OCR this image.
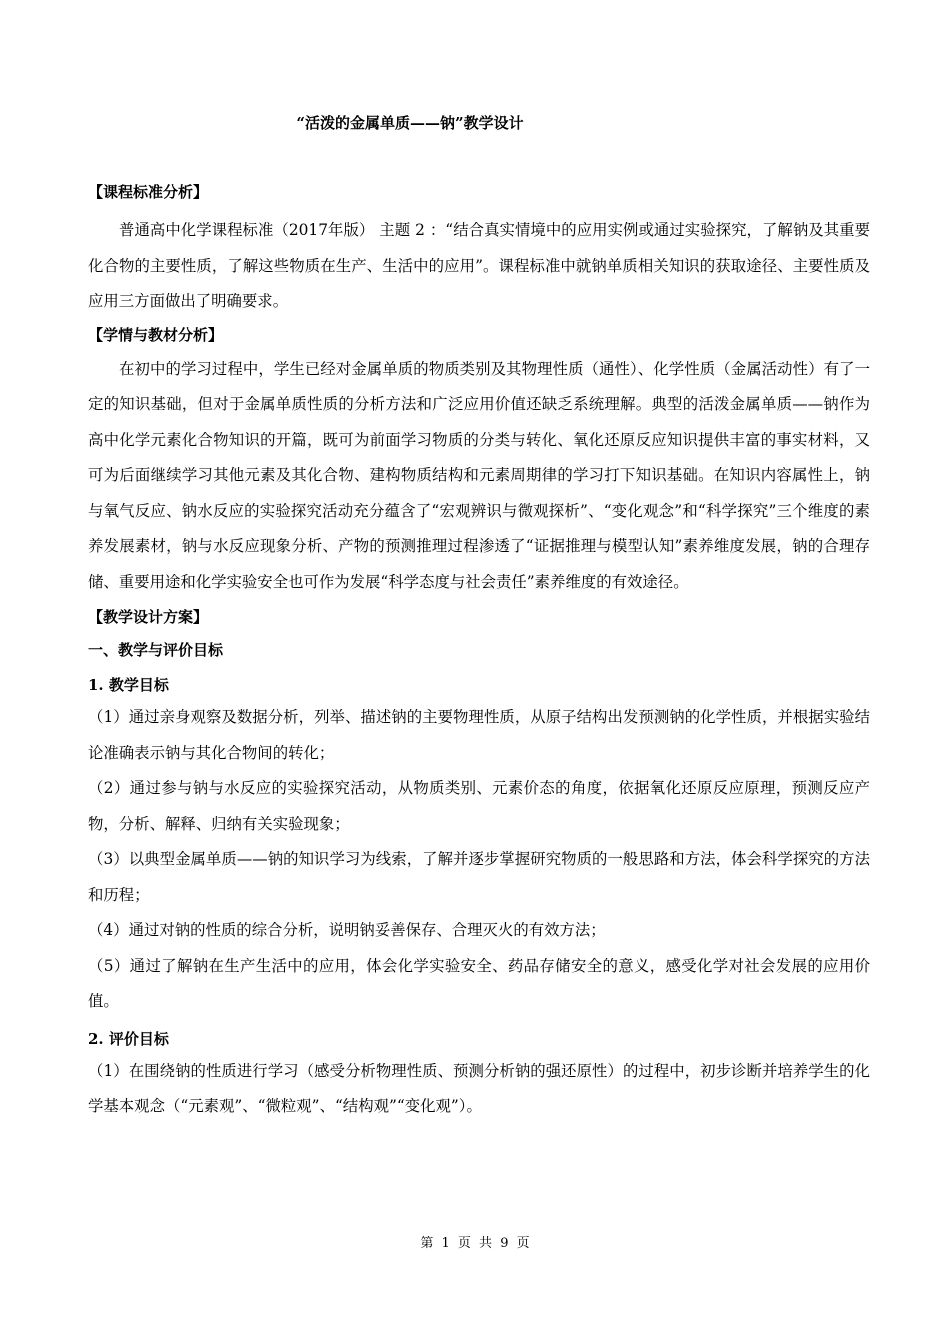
“活泼的金属单质——钠”教学设计

【课程标准分析】

普通高中化学课程标准（2017年版） 主题 2 ：“结合真实情境中的应用实例或通过实验探究，了解钠及其重要化合物的主要性质，了解这些物质在生产、生活中的应用”。课程标准中就钠单质相关知识的获取途径、主要性质及应用三方面做出了明确要求。

【学情与教材分析】

在初中的学习过程中，学生已经对金属单质的物质类别及其物理性质（通性）、化学性质（金属活动性）有了一定的知识基础，但对于金属单质性质的分析方法和广泛应用价值还缺乏系统理解。典型的活泼金属单质——钠作为高中化学元素化合物知识的开篇，既可为前面学习物质的分类与转化、氧化还原反应知识提供丰富的事实材料，又可为后面继续学习其他元素及其化合物、建构物质结构和元素周期律的学习打下知识基础。在知识内容属性上，钠与氧气反应、钠水反应的实验探究活动充分蕴含了“宏观辨识与微观探析”、“变化观念”和“科学探究”三个维度的素养发展素材，钠与水反应现象分析、产物的预测推理过程渗透了“证据推理与模型认知”素养维度发展，钠的合理存储、重要用途和化学实验安全也可作为发展“科学态度与社会责任”素养维度的有效途径。

【教学设计方案】

一、教学与评价目标

1. 教学目标

（1）通过亲身观察及数据分析，列举、描述钠的主要物理性质，从原子结构出发预测钠的化学性质，并根据实验结论准确表示钠与其化合物间的转化；

（2）通过参与钠与水反应的实验探究活动，从物质类别、元素价态的角度，依据氧化还原反应原理，预测反应产物，分析、解释、归纳有关实验现象；

（3）以典型金属单质——钠的知识学习为线索，了解并逐步掌握研究物质的一般思路和方法，体会科学探究的方法和历程；

（4）通过对钠的性质的综合分析，说明钠妥善保存、合理灭火的有效方法；

（5）通过了解钠在生产生活中的应用，体会化学实验安全、药品存储安全的意义，感受化学对社会发展的应用价值。

2. 评价目标

（1）在围绕钠的性质进行学习（感受分析物理性质、预测分析钠的强还原性）的过程中，初步诊断并培养学生的化学基本观念（“元素观”、“微粒观”、“结构观”“变化观”）。

第 1 页 共 9 页
